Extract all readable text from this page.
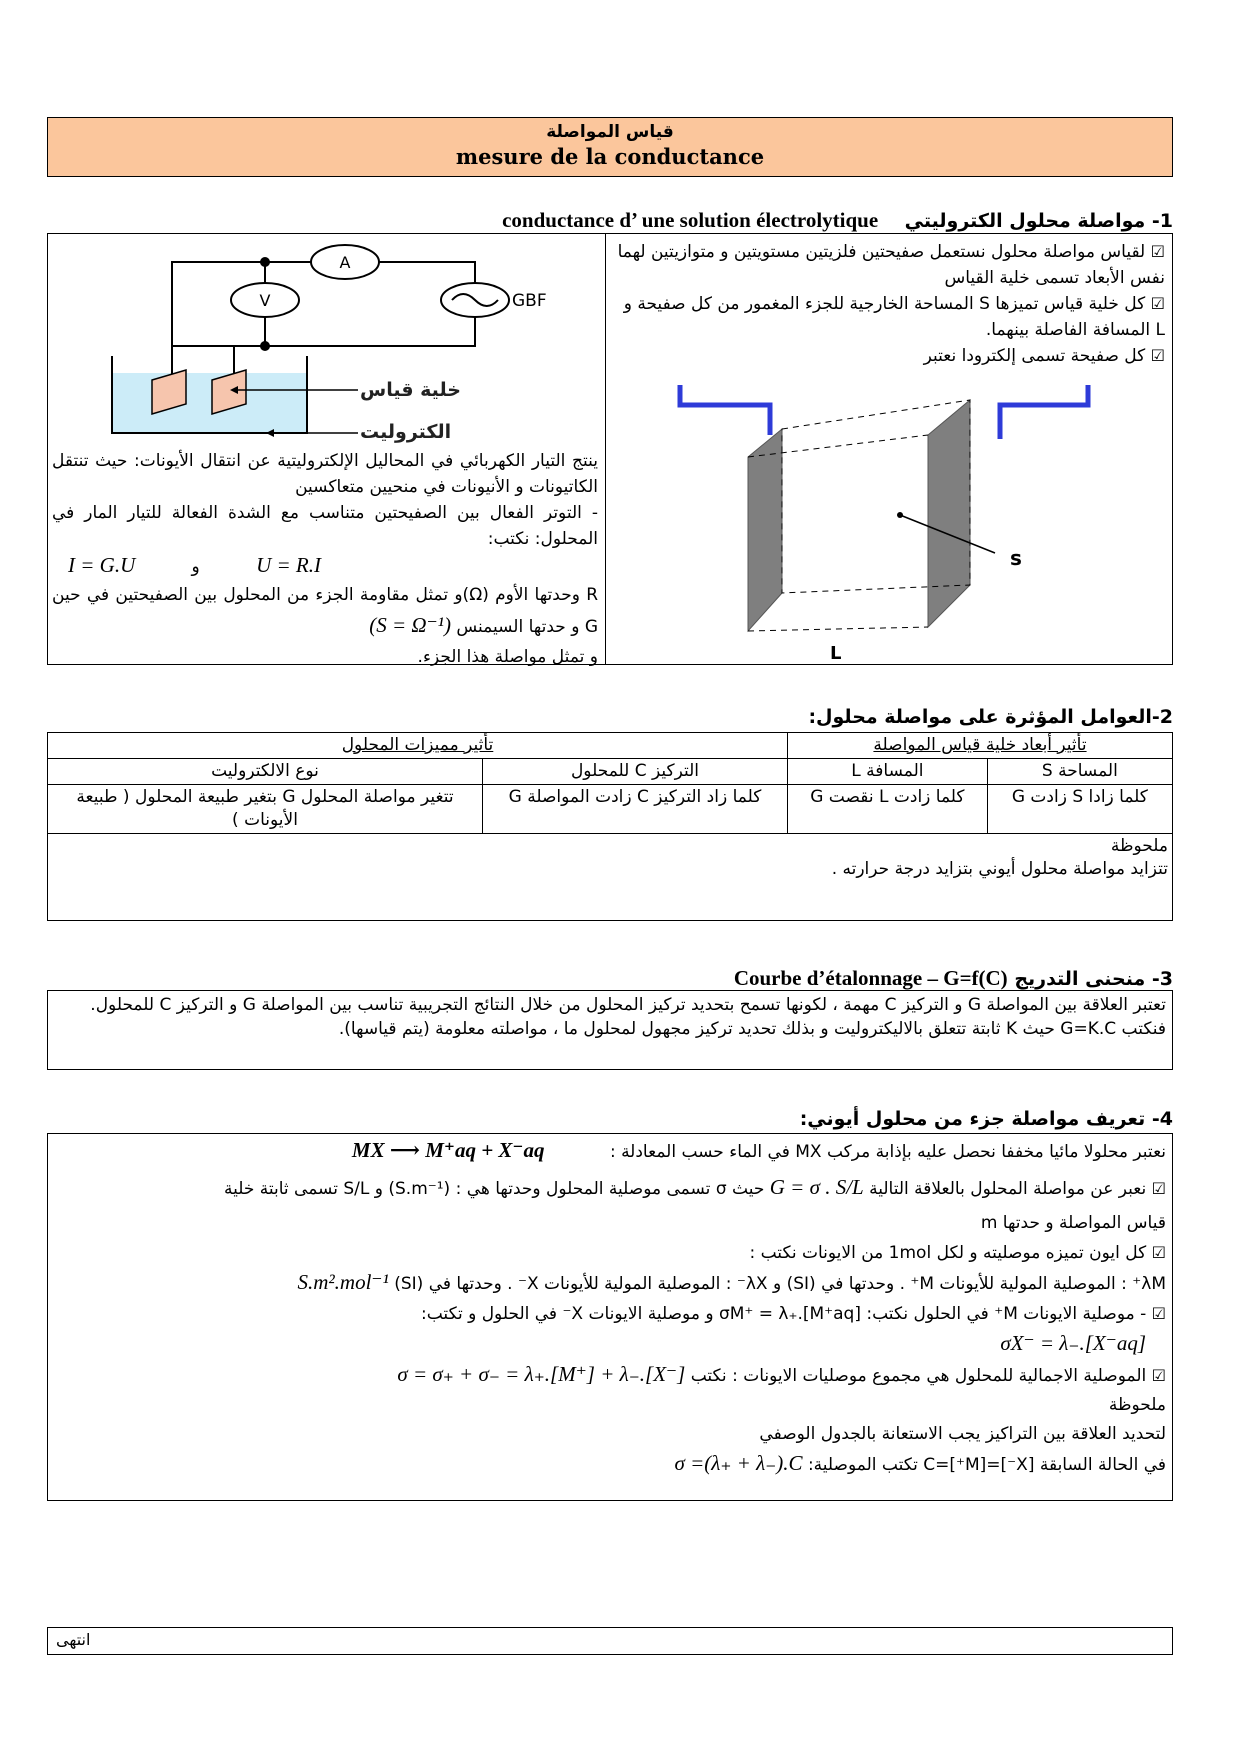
قياس المواصلة
mesure de la conductance
1- مواصلة محلول الكتروليتي    conductance d’ une solution électrolytique
A
V	GBF
خلية قياس
الكتروليت

ينتج التيار الكهربائي في المحاليل الإلكتروليتية عن انتقال الأيونات: حيث تنتقل الكاتيونات و الأنيونات في منحيين متعاكسين

- التوتر الفعال بين الصفيحتين متناسب مع الشدة الفعالة للتيار المار في المحلول: نكتب:

I = G.U	و	U = R.I

R وحدتها الأوم (Ω)و تمثل مقاومة الجزء من المحلول بين الصفيحتين في حين G و حدتها السيمنس (S = Ω⁻¹)

و تمثل مواصلة هذا الجزء.

☑ لقياس مواصلة محلول نستعمل صفيحتين فلزيتين مستويتين و متوازيتين لهما نفس الأبعاد تسمى خلية القياس

☑ كل خلية قياس تميزها S المساحة الخارجية للجزء المغمور من كل صفيحة و L المسافة الفاصلة بينهما.

☑ كل صفيحة تسمى إلكترودا نعتبر

s
L
2-العوامل المؤثرة على مواصلة محلول:
تأثير أبعاد خلية قياس المواصلة		تأثير مميزات المحلول	
المساحة S	المسافة L	التركيز C للمحلول	نوع الالكتروليت
كلما زادا S زادت G	كلما زادت L نقصت G	كلما زاد التركيز C زادت المواصلة G	تتغير مواصلة المحلول G بتغير طبيعة المحلول ( طبيعة الأيونات )

ملحوظة

تتزايد مواصلة محلول أيوني بتزايد درجة حرارته .			

3- منحنى التدريج Courbe d’étalonnage – G=f(C)
تعتبر العلاقة بين المواصلة G و التركيز C مهمة ، لكونها تسمح بتحديد تركيز المحلول من خلال النتائج التجريبية تناسب بين المواصلة G و التركيز C للمحلول. فنكتب G=K.C حيث K ثابتة تتعلق بالاليكتروليت و بذلك تحديد تركيز مجهول لمحلول ما ، مواصلته معلومة (يتم قياسها).
4- تعريف مواصلة جزء من محلول أيوني:

نعتبر محلولا مائيا مخففا نحصل عليه بإذابة مركب MX في الماء حسب المعادلة : MX ⟶ M⁺aq + X⁻aq

☑ نعبر عن مواصلة المحلول بالعلاقة التالية G = σ . S/L حيث σ تسمى موصلية المحلول وحدتها هي : (S.m⁻¹) و S/L تسمى ثابتة خلية

قياس المواصلة و حدتها m

☑ كل ايون تميزه موصليته و لكل 1mol من الايونات نكتب :

λM⁺ : الموصلية المولية للأيونات M⁺ . وحدتها في (SI) و λX⁻ : الموصلية المولية للأيونات X⁻ . وحدتها في (SI) S.m².mol⁻¹

☑ - موصلية الايونات M⁺ في الحلول نكتب: σM⁺ = λ₊.[M⁺aq] و موصلية الايونات X⁻ في الحلول و تكتب:

σX⁻ = λ₋.[X⁻aq]

☑ الموصلية الاجمالية للمحلول هي مجموع موصليات الايونات : نكتب σ = σ₊ + σ₋ = λ₊.[M⁺] + λ₋.[X⁻]

ملحوظة

لتحديد العلاقة بين التراكيز يجب الاستعانة بالجدول الوصفي

في الحالة السابقة [X⁻]=[M⁺]=C تكتب الموصلية: σ =(λ₊ + λ₋).C

انتهى
